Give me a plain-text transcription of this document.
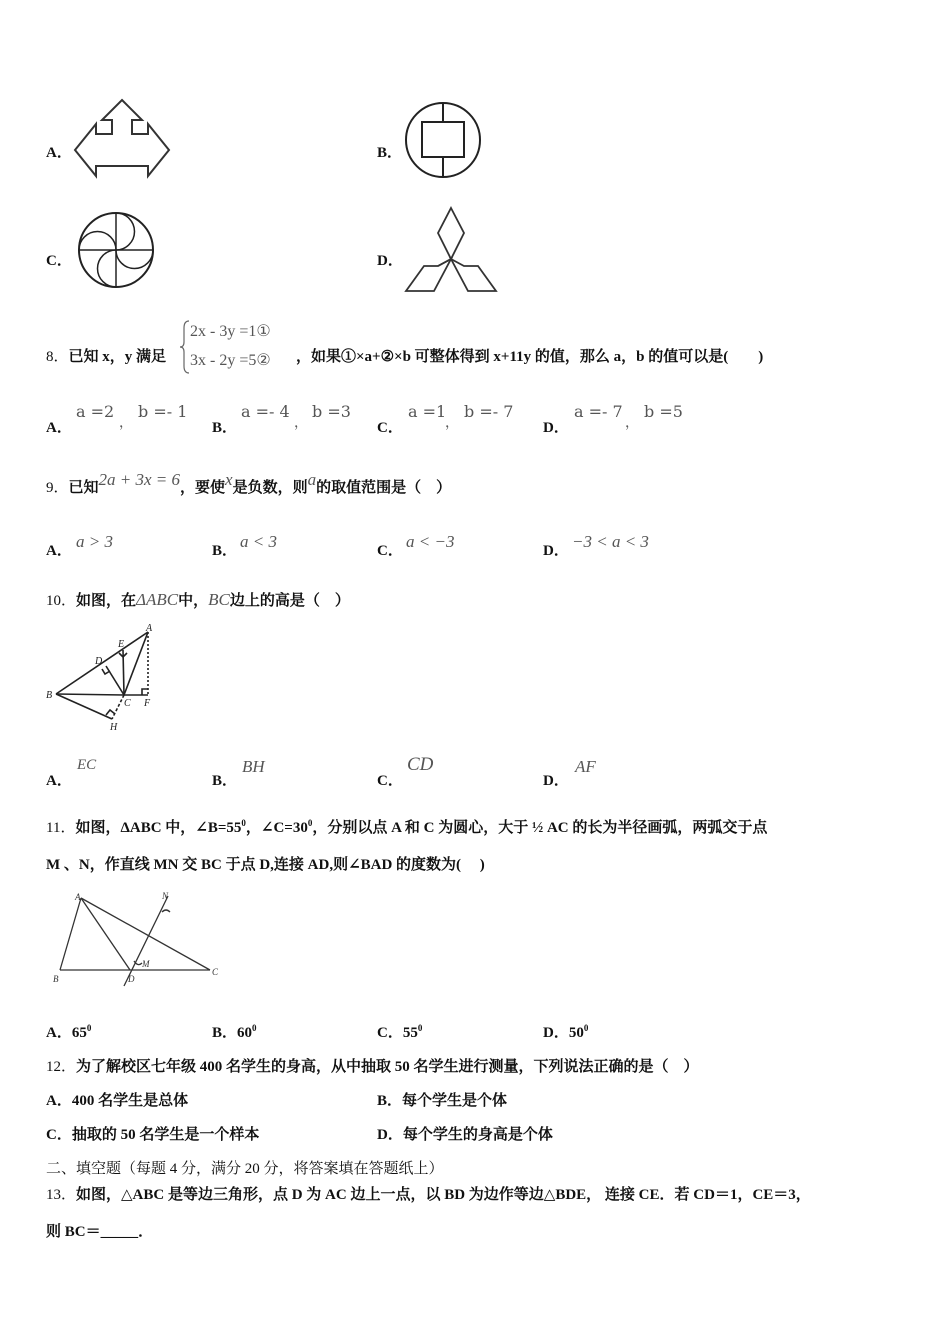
A．	B．
C．	D．
8．已知 x，y 满足
2x - 3y =1①
3x - 2y =5② ，如果①×a+②×b 可整体得到 x+11y 的值，那么 a，b 的值可以是(　　)
A．
a =2
，
b =- 1
B．
a =- 4
，
b =3
C．
a =1
，
b =- 7
D．
a =- 7
，
b =5
9．已知2a + 3x = 6，要使x是负数，则a的取值范围是（　）
A． a > 3	B． a < 3	C． a < −3	D． −3 < a < 3
10．如图，在ΔABC中，BC边上的高是（　）
A
B
C
D
E
F
H
A．
EC
B．
BH
C．
CD
D．
AF
11．如图，ΔABC 中，$\angle B=55^0$，$\angle C=30^0$，分别以点 A 和 C 为圆心，大于 ½ AC 的长为半径画弧，两弧交于点
M 、N，作直线 MN 交 BC 于点 D,连接 AD,则∠BAD 的度数为(　 )
A
B
C
D
M
N
A．$65^0$	B．$60^0$	C．$55^0$	D．$50^0$
12．为了解校区七年级 400 名学生的身高，从中抽取 50 名学生进行测量，下列说法正确的是（　）
A．400 名学生是总体	B．每个学生是个体
C．抽取的 50 名学生是一个样本	D．每个学生的身高是个体
二、填空题（每题 4 分，满分 20 分，将答案填在答题纸上）
13．如图，△ABC 是等边三角形，点 D 为 AC 边上一点，以 BD 为边作等边△BDE， 连接 CE．若 CD＝1，CE＝3，
则 BC＝_____．
